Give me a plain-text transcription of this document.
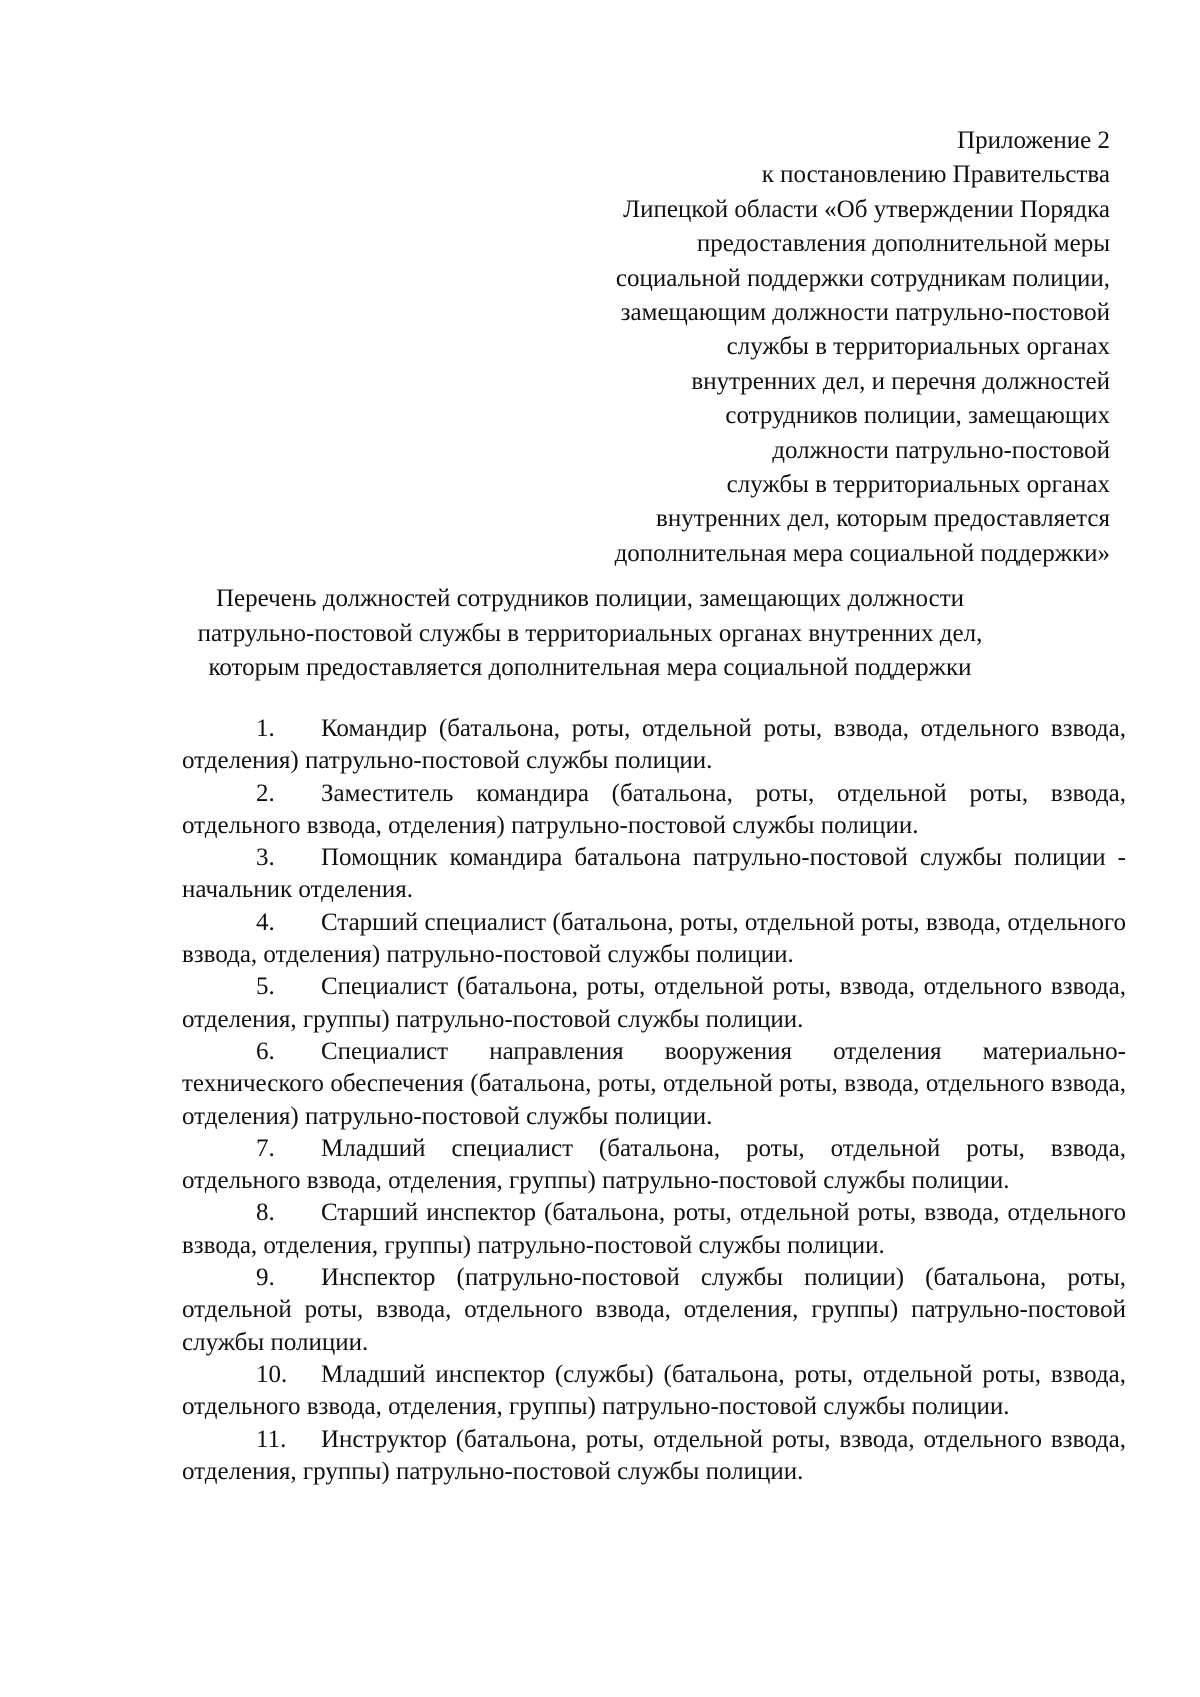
Приложение 2
к постановлению Правительства
Липецкой области «Об утверждении Порядка
предоставления дополнительной меры
социальной поддержки сотрудникам полиции,
замещающим должности патрульно-постовой
службы в территориальных органах
внутренних дел, и перечня должностей
сотрудников полиции, замещающих
должности патрульно-постовой
службы в территориальных органах
внутренних дел, которым предоставляется
дополнительная мера социальной поддержки»
Перечень должностей сотрудников полиции, замещающих должности
патрульно-постовой службы в территориальных органах внутренних дел,
которым предоставляется дополнительная мера социальной поддержки

1. Командир (батальона, роты, отдельной роты, взвода, отдельного взвода, отделения) патрульно-постовой службы полиции.

2. Заместитель командира (батальона, роты, отдельной роты, взвода, отдельного взвода, отделения) патрульно-постовой службы полиции.

3. Помощник командира батальона патрульно-постовой службы полиции - начальник отделения.

4. Старший специалист (батальона, роты, отдельной роты, взвода, отдельного взвода, отделения) патрульно-постовой службы полиции.

5. Специалист (батальона, роты, отдельной роты, взвода, отдельного взвода, отделения, группы) патрульно-постовой службы полиции.

6. Специалист направления вооружения отделения материально-технического обеспечения (батальона, роты, отдельной роты, взвода, отдельного взвода, отделения) патрульно-постовой службы полиции.

7. Младший специалист (батальона, роты, отдельной роты, взвода, отдельного взвода, отделения, группы) патрульно-постовой службы полиции.

8. Старший инспектор (батальона, роты, отдельной роты, взвода, отдельного взвода, отделения, группы) патрульно-постовой службы полиции.

9. Инспектор (патрульно-постовой службы полиции) (батальона, роты, отдельной роты, взвода, отдельного взвода, отделения, группы) патрульно-постовой службы полиции.

10. Младший инспектор (службы) (батальона, роты, отдельной роты, взвода, отдельного взвода, отделения, группы) патрульно-постовой службы полиции.

11. Инструктор (батальона, роты, отдельной роты, взвода, отдельного взвода, отделения, группы) патрульно-постовой службы полиции.
